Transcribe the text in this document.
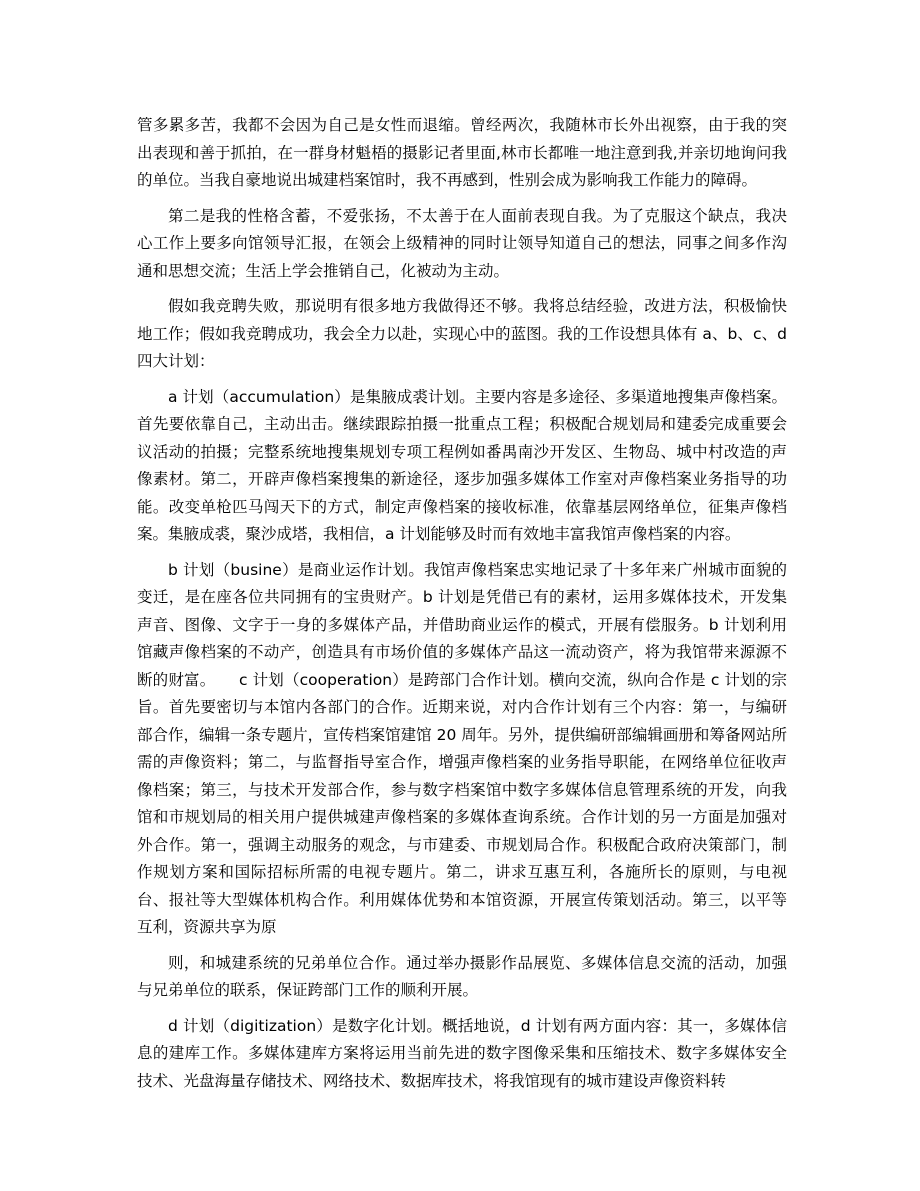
管多累多苦，我都不会因为自己是女性而退缩。曾经两次，我随林市长外出视察，由于我的突出表现和善于抓拍，在一群身材魁梧的摄影记者里面,林市长都唯一地注意到我,并亲切地询问我的单位。当我自豪地说出城建档案馆时，我不再感到，性别会成为影响我工作能力的障碍。

第二是我的性格含蓄，不爱张扬，不太善于在人面前表现自我。为了克服这个缺点，我决心工作上要多向馆领导汇报，在领会上级精神的同时让领导知道自己的想法，同事之间多作沟通和思想交流；生活上学会推销自己，化被动为主动。

假如我竞聘失败，那说明有很多地方我做得还不够。我将总结经验，改进方法，积极愉快地工作；假如我竞聘成功，我会全力以赴，实现心中的蓝图。我的工作设想具体有 a、b、c、d 四大计划：

a 计划（accumulation）是集腋成裘计划。主要内容是多途径、多渠道地搜集声像档案。首先要依靠自己，主动出击。继续跟踪拍摄一批重点工程；积极配合规划局和建委完成重要会议活动的拍摄；完整系统地搜集规划专项工程例如番禺南沙开发区、生物岛、城中村改造的声像素材。第二，开辟声像档案搜集的新途径，逐步加强多媒体工作室对声像档案业务指导的功能。改变单枪匹马闯天下的方式，制定声像档案的接收标准，依靠基层网络单位，征集声像档案。集腋成裘，聚沙成塔，我相信，a 计划能够及时而有效地丰富我馆声像档案的内容。

b 计划（busine）是商业运作计划。我馆声像档案忠实地记录了十多年来广州城市面貌的变迁，是在座各位共同拥有的宝贵财产。b 计划是凭借已有的素材，运用多媒体技术，开发集声音、图像、文字于一身的多媒体产品，并借助商业运作的模式，开展有偿服务。b 计划利用馆藏声像档案的不动产，创造具有市场价值的多媒体产品这一流动资产，将为我馆带来源源不断的财富。　　c 计划（cooperation）是跨部门合作计划。横向交流，纵向合作是 c 计划的宗旨。首先要密切与本馆内各部门的合作。近期来说，对内合作计划有三个内容：第一，与编研部合作，编辑一条专题片，宣传档案馆建馆 20 周年。另外，提供编研部编辑画册和筹备网站所需的声像资料；第二，与监督指导室合作，增强声像档案的业务指导职能，在网络单位征收声像档案；第三，与技术开发部合作，参与数字档案馆中数字多媒体信息管理系统的开发，向我馆和市规划局的相关用户提供城建声像档案的多媒体查询系统。合作计划的另一方面是加强对外合作。第一，强调主动服务的观念，与市建委、市规划局合作。积极配合政府决策部门，制作规划方案和国际招标所需的电视专题片。第二，讲求互惠互利，各施所长的原则，与电视台、报社等大型媒体机构合作。利用媒体优势和本馆资源，开展宣传策划活动。第三，以平等互利，资源共享为原

则，和城建系统的兄弟单位合作。通过举办摄影作品展览、多媒体信息交流的活动，加强与兄弟单位的联系，保证跨部门工作的顺利开展。

d 计划（digitization）是数字化计划。概括地说，d 计划有两方面内容：其一，多媒体信息的建库工作。多媒体建库方案将运用当前先进的数字图像采集和压缩技术、数字多媒体安全技术、光盘海量存储技术、网络技术、数据库技术，将我馆现有的城市建设声像资料转
